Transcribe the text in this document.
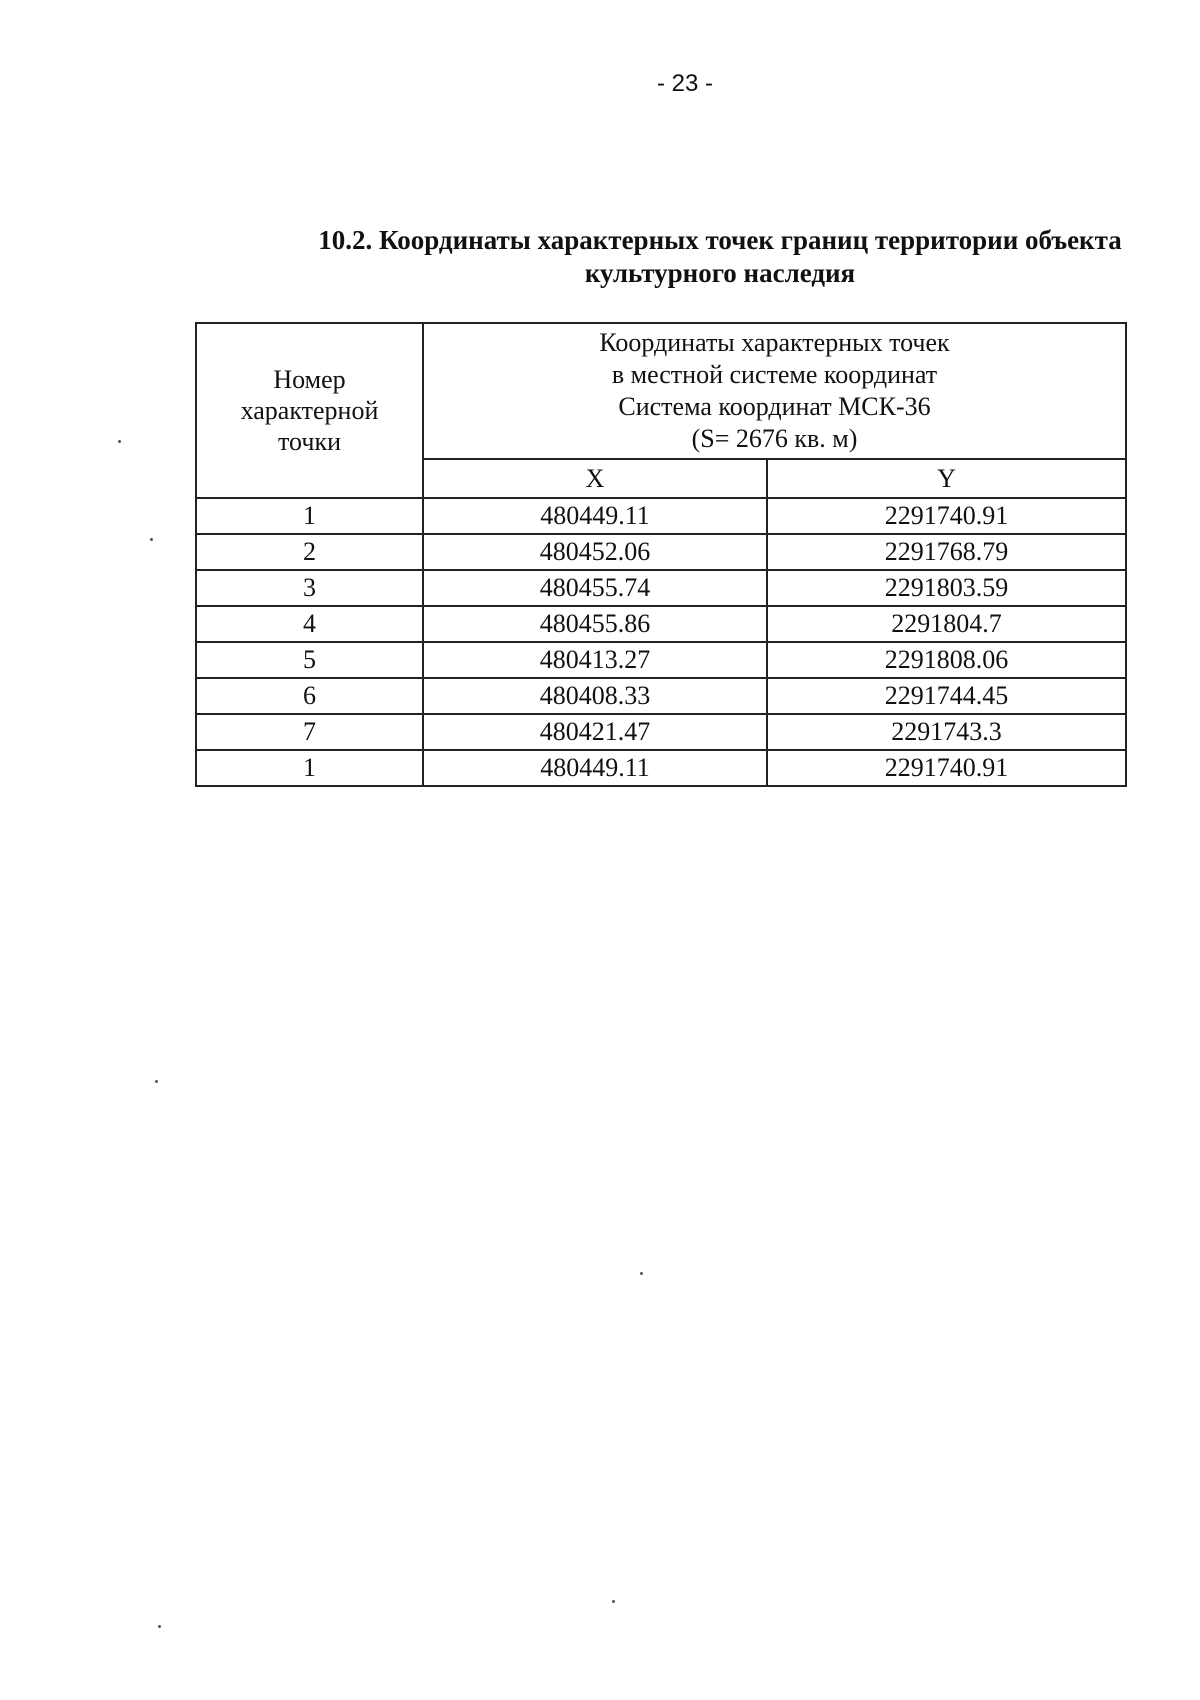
- 23 -
10.2. Координаты характерных точек границ территории объекта культурного наследия
Номер
характерной
точки	Координаты характерных точек
в местной системе координат
Система координат МСК-36
(S= 2676 кв. м)	

	X	Y
1	480449.11	2291740.91
2	480452.06	2291768.79
3	480455.74	2291803.59
4	480455.86	2291804.7
5	480413.27	2291808.06
6	480408.33	2291744.45
7	480421.47	2291743.3
1	480449.11	2291740.91
